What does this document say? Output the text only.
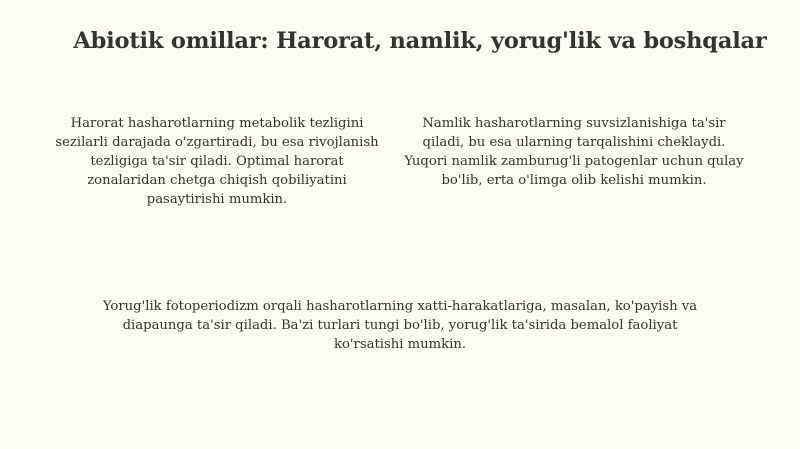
Abiotik omillar: Harorat, namlik, yorug'lik va boshqalar
Harorat hasharotlarning metabolik tezligini sezilarli darajada o'zgartiradi, bu esa rivojlanish tezligiga ta'sir qiladi. Optimal harorat zonalaridan chetga chiqish qobiliyatini pasaytirishi mumkin.
Namlik hasharotlarning suvsizlanishiga ta'sir qiladi, bu esa ularning tarqalishini cheklaydi. Yuqori namlik zamburug'li patogenlar uchun qulay bo'lib, erta o'limga olib kelishi mumkin.
Yorug'lik fotoperiodizm orqali hasharotlarning xatti-harakatlariga, masalan, ko'payish va diapaunga ta'sir qiladi. Ba'zi turlari tungi bo'lib, yorug'lik ta'sirida bemalol faoliyat ko'rsatishi mumkin.
